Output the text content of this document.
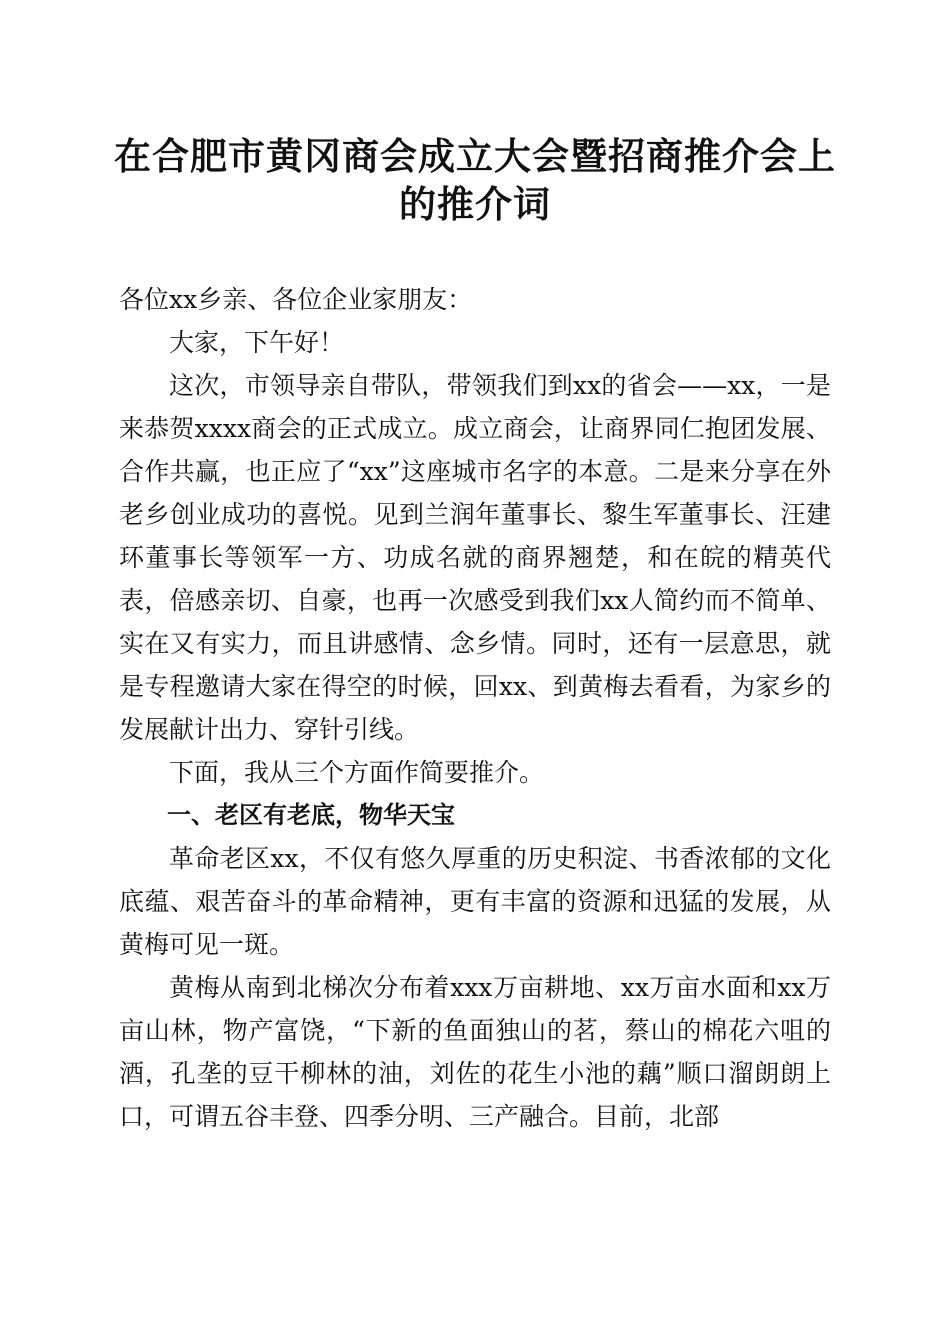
在合肥市黄冈商会成立大会暨招商推介会上的推介词

各位xx乡亲、各位企业家朋友：

大家，下午好！

这次，市领导亲自带队，带领我们到xx的省会——xx，一是来恭贺xxxx商会的正式成立。成立商会，让商界同仁抱团发展、合作共赢，也正应了“xx”这座城市名字的本意。二是来分享在外老乡创业成功的喜悦。见到兰润年董事长、黎生军董事长、汪建环董事长等领军一方、功成名就的商界翘楚，和在皖的精英代表，倍感亲切、自豪，也再一次感受到我们xx人简约而不简单、实在又有实力，而且讲感情、念乡情。同时，还有一层意思，就是专程邀请大家在得空的时候，回xx、到黄梅去看看，为家乡的发展献计出力、穿针引线。

下面，我从三个方面作简要推介。

一、老区有老底，物华天宝

革命老区xx，不仅有悠久厚重的历史积淀、书香浓郁的文化底蕴、艰苦奋斗的革命精神，更有丰富的资源和迅猛的发展，从黄梅可见一斑。

黄梅从南到北梯次分布着xxx万亩耕地、xx万亩水面和xx万亩山林，物产富饶，“下新的鱼面独山的茗，蔡山的棉花六咀的酒，孔垄的豆干柳林的油，刘佐的花生小池的藕”顺口溜朗朗上口，可谓五谷丰登、四季分明、三产融合。目前，北部
